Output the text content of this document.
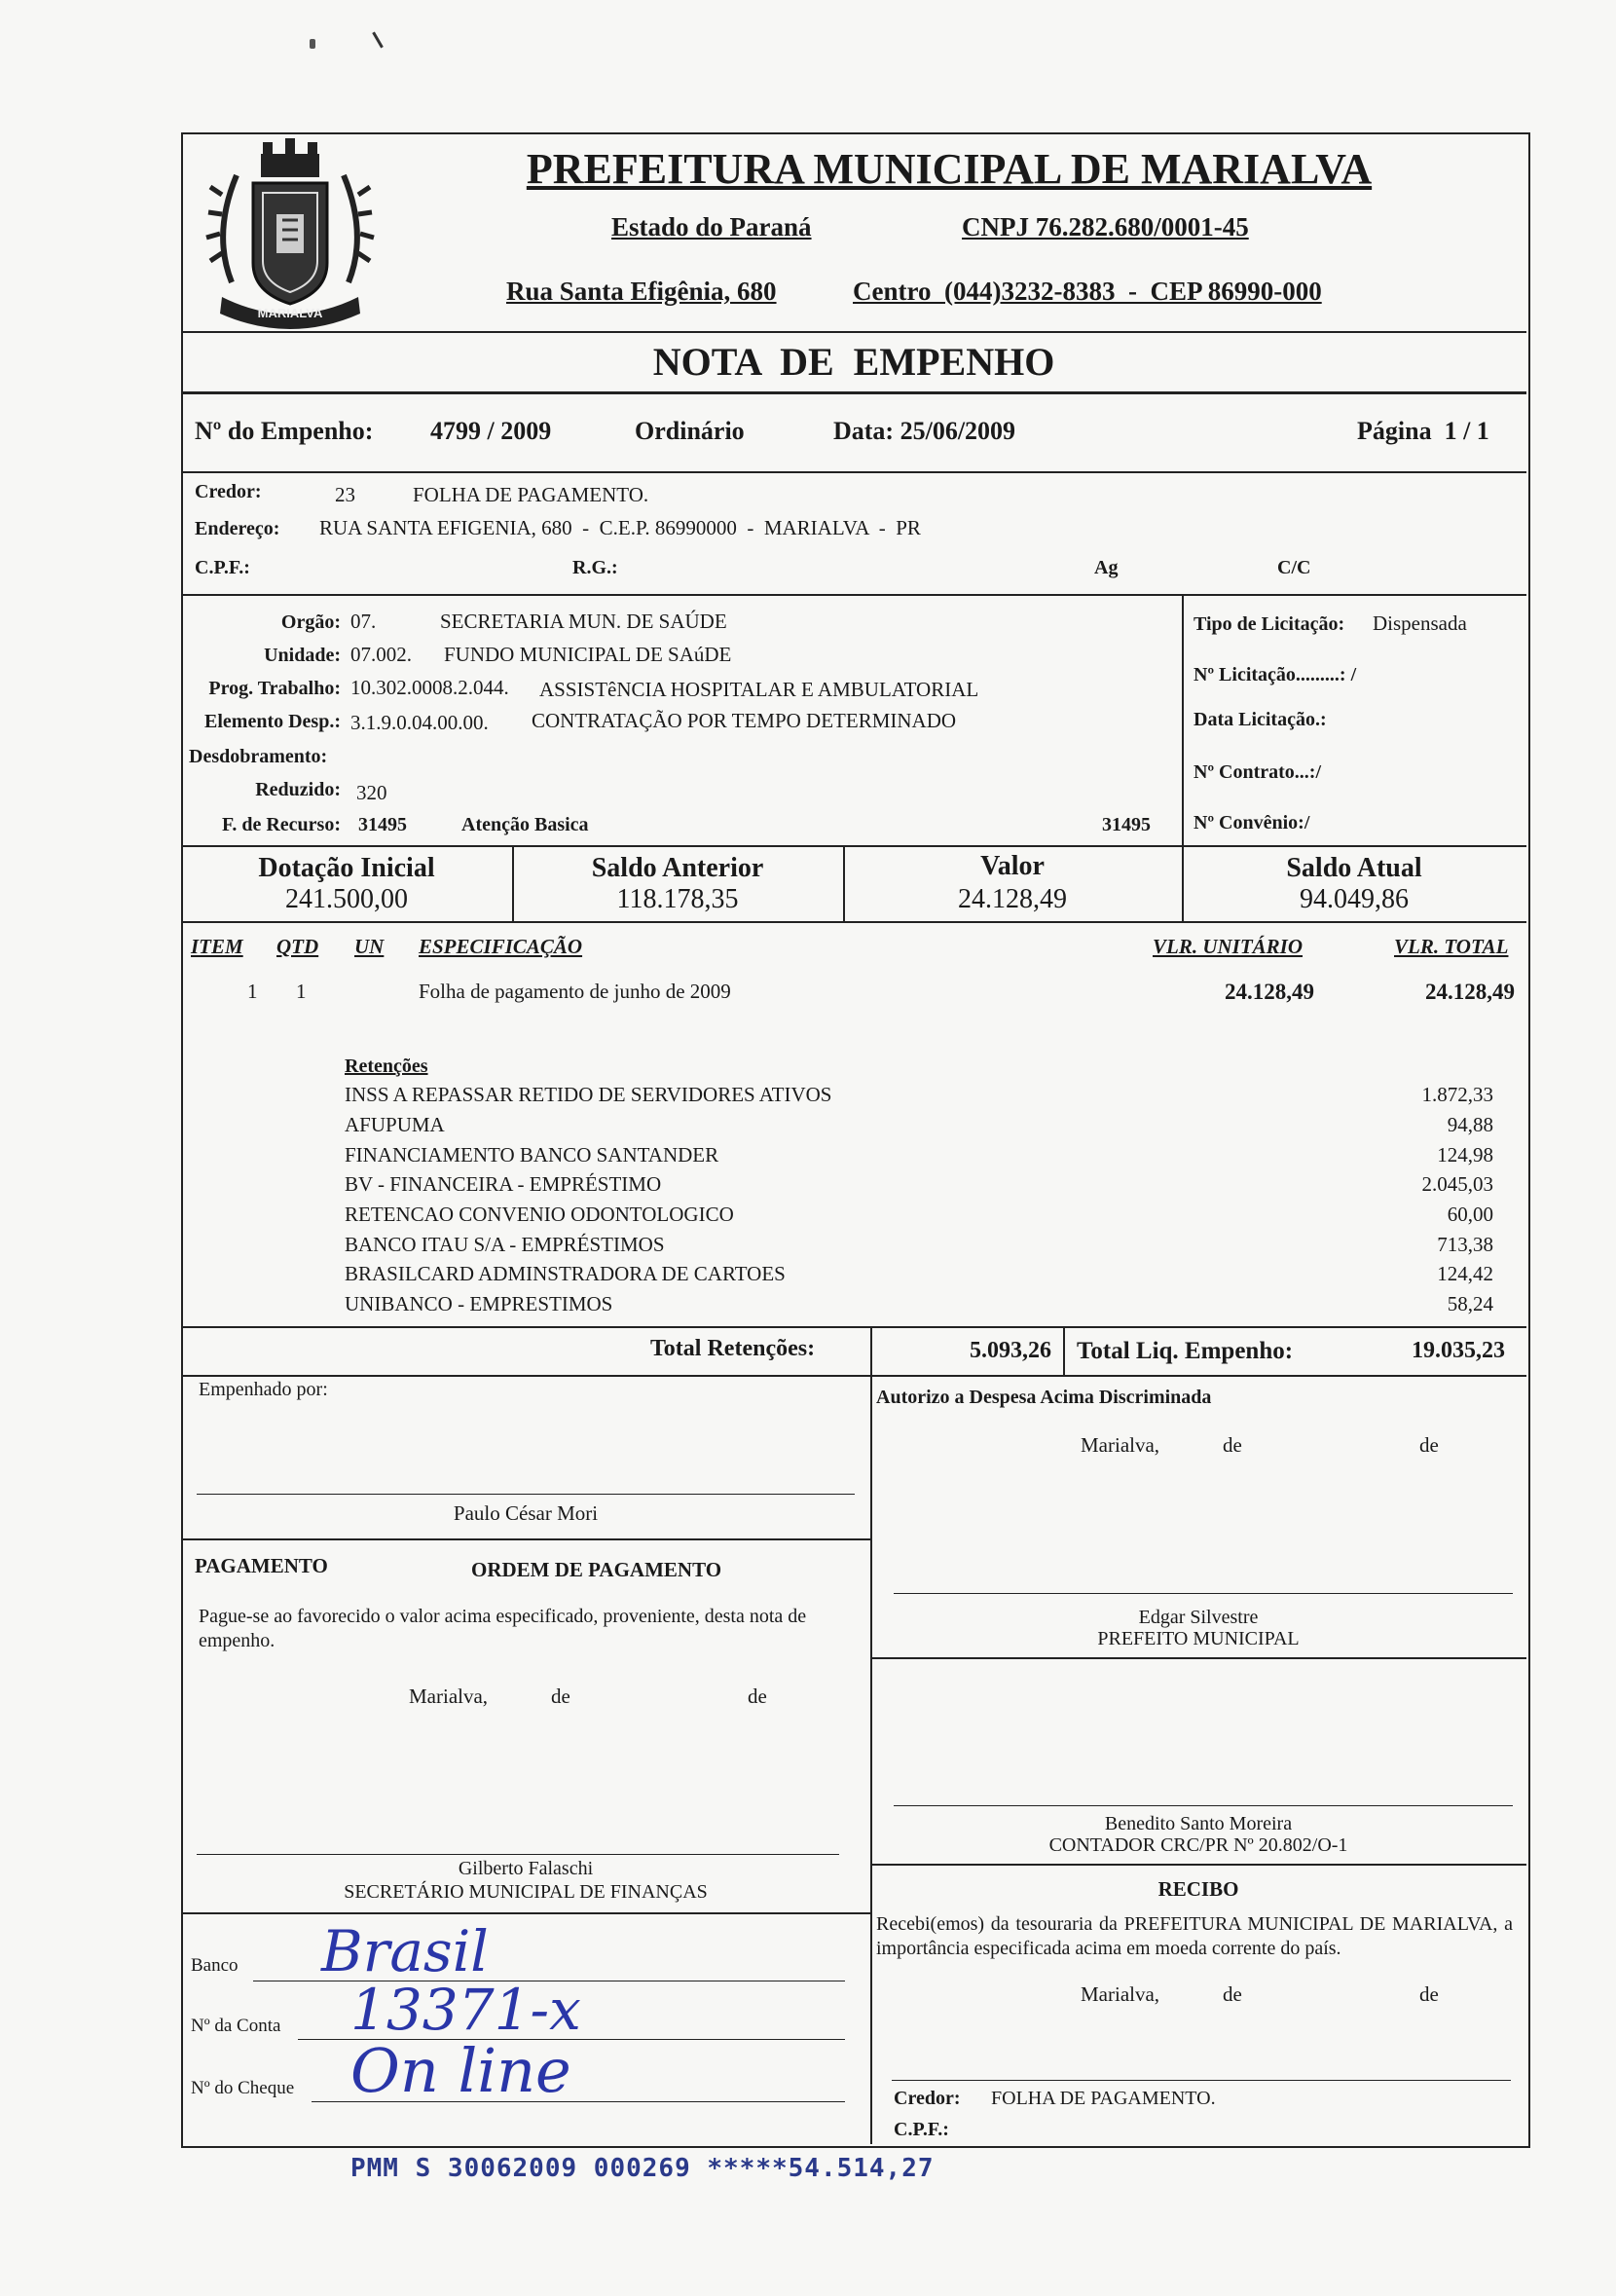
MARIALVA
PREFEITURA MUNICIPAL DE MARIALVA
Estado do Paraná	CNPJ 76.282.680/0001-45
Rua Santa Efigênia, 680	Centro  (044)3232-8383  -  CEP 86990-000
NOTA  DE  EMPENHO
Nº do Empenho: 4799 / 2009	Ordinário	Data: 25/06/2009	Página  1 / 1
Credor:	23	FOLHA DE PAGAMENTO.
Endereço: RUA SANTA EFIGENIA, 680  -  C.E.P. 86990000  -  MARIALVA  -  PR
C.P.F.:	R.G.:	Ag	C/C
Orgão: 07.	SECRETARIA MUN. DE SAÚDE
Unidade: 07.002. FUNDO MUNICIPAL DE SAúDE
Prog. Trabalho: 10.302.0008.2.044. ASSISTêNCIA HOSPITALAR E AMBULATORIAL
Elemento Desp.: 3.1.9.0.04.00.00. CONTRATAÇÃO POR TEMPO DETERMINADO
Desdobramento:
Reduzido: 320
F. de Recurso: 31495	Atenção Basica	31495
Tipo de Licitação: Dispensada
Nº Licitação.........: /
Data Licitação.:
Nº Contrato...:/
Nº Convênio:/
Dotação Inicial
241.500,00
Saldo Anterior
118.178,35
Valor
24.128,49
Saldo Atual
94.049,86
ITEM QTD UN ESPECIFICAÇÃO	VLR. UNITÁRIO	VLR. TOTAL
1 1	Folha de pagamento de junho de 2009	24.128,49	24.128,49
Retenções
INSS A REPASSAR RETIDO DE SERVIDORES ATIVOS	1.872,33
AFUPUMA	94,88
FINANCIAMENTO BANCO SANTANDER	124,98
BV - FINANCEIRA - EMPRÉSTIMO	2.045,03
RETENCAO CONVENIO ODONTOLOGICO	60,00
BANCO ITAU S/A - EMPRÉSTIMOS	713,38
BRASILCARD ADMINSTRADORA DE CARTOES	124,42
UNIBANCO - EMPRESTIMOS	58,24
Total Retenções:	5.093,26 Total Liq. Empenho:	19.035,23
Empenhado por:
Paulo César Mori
Autorizo a Despesa Acima Discriminada
Marialva,	de	de
PAGAMENTO	ORDEM DE PAGAMENTO
Pague-se ao favorecido o valor acima especificado, proveniente, desta nota de empenho.
Marialva,	de	de
Edgar Silvestre
PREFEITO MUNICIPAL
Benedito Santo Moreira
CONTADOR CRC/PR Nº 20.802/O-1
Gilberto Falaschi
SECRETÁRIO MUNICIPAL DE FINANÇAS	RECIBO
Recebi(emos) da tesouraria da PREFEITURA MUNICIPAL DE MARIALVA, a importância especificada acima em moeda corrente do país.
Marialva,	de	de
Banco Brasil
Nº da Conta 13371-x
Nº do Cheque On line	Credor: FOLHA DE PAGAMENTO.
C.P.F.:
PMM S 30062009 000269 *****54.514,27
